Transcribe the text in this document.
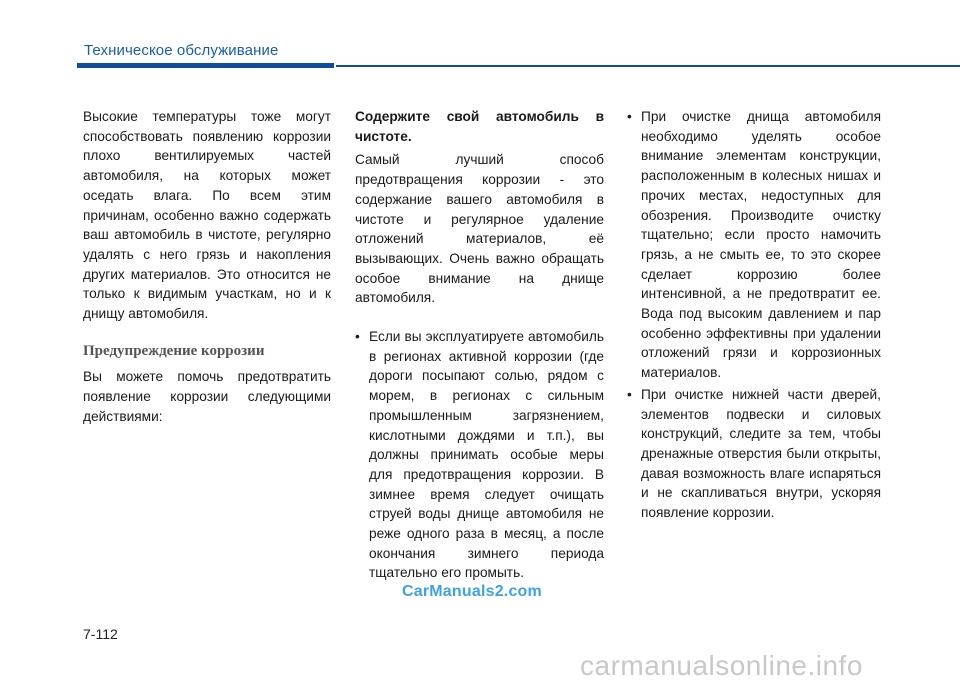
Техническое обслуживание

Высокие температуры тоже могут способствовать появлению коррозии плохо вентилируемых частей автомобиля, на которых может оседать влага. По всем этим причинам, особенно важно содержать ваш автомобиль в чистоте, регулярно удалять с него грязь и накопления других материалов. Это относится не только к видимым участкам, но и к днищу автомобиля.

Предупреждение коррозии

Вы можете помочь предотвратить появление коррозии следующими действиями:

Содержите свой автомобиль в чистоте.

Самый лучший способ предотвращения коррозии - это содержание вашего автомобиля в чистоте и регулярное удаление отложений материалов, её вызывающих. Очень важно обращать особое внимание на днище автомобиля.

• Если вы эксплуатируете автомобиль в регионах активной коррозии (где дороги посыпают солью, рядом с морем, в регионах с сильным промышленным загрязнением, кислотными дождями и т.п.), вы должны принимать особые меры для предотвращения коррозии. В зимнее время следует очищать струей воды днище автомобиля не реже одного раза в месяц, а после окончания зимнего периода тщательно его промыть.
• При очистке днища автомобиля необходимо уделять особое внимание элементам конструкции, расположенным в колесных нишах и прочих местах, недоступных для обозрения. Производите очистку тщательно; если просто намочить грязь, а не смыть ее, то это скорее сделает коррозию более интенсивной, а не предотвратит ее. Вода под высоким давлением и пар особенно эффективны при удалении отложений грязи и коррозионных материалов.
• При очистке нижней части дверей, элементов подвески и силовых конструкций, следите за тем, чтобы дренажные отверстия были открыты, давая возможность влаге испаряться и не скапливаться внутри, ускоряя появление коррозии.
CarManuals2.com
7-112
carmanualsonline.info
